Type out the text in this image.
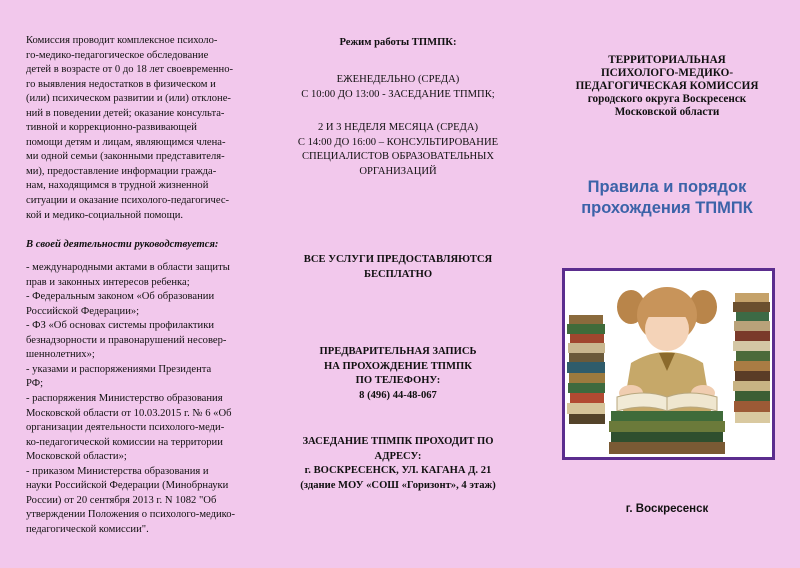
Комиссия проводит комплексное психоло-
го-медико-педагогическое обследование
детей в возрасте от 0 до 18 лет своевременно-
го выявления недостатков в физическом и
(или) психическом развитии и (или) отклоне-
ний в поведении детей; оказание консульта-
тивной и коррекционно-развивающей
помощи детям и лицам, являющимся члена-
ми одной семьи (законными представителя-
ми), предоставление информации гражда-
нам, находящимся в трудной жизненной
ситуации и оказание психолого-педагогичес-
кой и медико-социальной помощи.
В своей деятельности руководствуется:

- международными актами в области защиты

прав и законных интересов ребенка;

- Федеральным законом «Об образовании

Российской Федерации»;

- ФЗ «Об основах системы профилактики

безнадзорности и правонарушений несовер-

шеннолетних»;

- указами и распоряжениями Президента

РФ;

- распоряжения Министерство образования

Московской области от 10.03.2015 г. № 6 «Об

организации деятельности психолого-меди-

ко-педагогической комиссии на территории

Московской области»;

- приказом Министерства образования и

науки Российской Федерации (Минобрнауки

России) от 20 сентября 2013 г. N 1082 "Об

утверждении Положения о психолого-медико-

педагогической комиссии".

Режим работы ТПМПК:

ЕЖЕНЕДЕЛЬНО (СРЕДА)

С 10:00 ДО 13:00 - ЗАСЕДАНИЕ ТПМПК;

2 И 3 НЕДЕЛЯ МЕСЯЦА (СРЕДА)

С 14:00 ДО 16:00 – КОНСУЛЬТИРОВАНИЕ

СПЕЦИАЛИСТОВ ОБРАЗОВАТЕЛЬНЫХ

ОРГАНИЗАЦИЙ

ВСЕ УСЛУГИ ПРЕДОСТАВЛЯЮТСЯ

БЕСПЛАТНО

ПРЕДВАРИТЕЛЬНАЯ ЗАПИСЬ

НА ПРОХОЖДЕНИЕ ТПМПК

ПО ТЕЛЕФОНУ:

8 (496) 44-48-067

ЗАСЕДАНИЕ ТПМПК ПРОХОДИТ ПО

АДРЕСУ:

г. ВОСКРЕСЕНСК, УЛ. КАГАНА Д. 21

(здание МОУ «СОШ «Горизонт», 4 этаж)

ТЕРРИТОРИАЛЬНАЯ
ПСИХОЛОГО-МЕДИКО-
ПЕДАГОГИЧЕСКАЯ КОМИССИЯ
городского округа Воскресенск
Московской области
Правила и порядок
прохождения ТПМПК
г. Воскресенск
